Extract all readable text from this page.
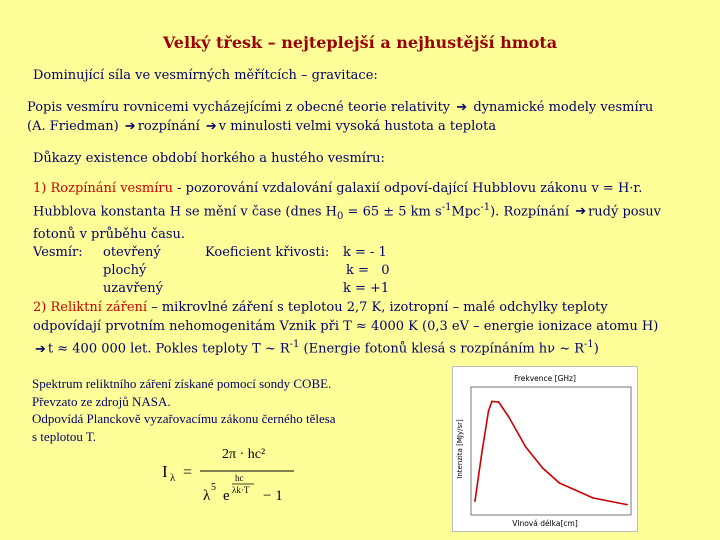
Velký třesk – nejteplejší a nejhustější hmota
Dominující síla ve vesmírných měřítcích – gravitace:
Popis vesmíru rovnicemi vycházejícími z obecné teorie relativity ➔ dynamické modely vesmíru
(A. Friedman) ➔ rozpínání ➔ v minulosti velmi vysoká hustota a teplota
Důkazy existence období horkého a hustého vesmíru:
1) Rozpínání vesmíru - pozorování vzdalování galaxií odpoví-dající Hubblovu zákonu v = H·r.
Hubblova konstanta H se mění v čase (dnes $H_0 = 65 \pm 5$ km $s^{-1}Mpc^{-1}$). Rozpínání ➔ rudý posuv
fotonů v průběhu času.
Vesmír: otevřený
plochý
uzavřený
Koeficient křivosti: k = - 1
k =   0
k = +1
2) Reliktní záření – mikrovlné záření s teplotou 2,7 K, izotropní – malé odchylky teploty
odpovídají prvotním nehomogenitám Vznik při T ≈ 4000 K (0,3 eV – energie ionizace atomu H)
➔ t ≈ 400 000 let. Pokles teploty T ~ $R^{-1}$ (Energie fotonů klesá s rozpínáním hν ~ $R^{-1}$)
Spektrum reliktního záření získané pomocí sondy COBE.
Převzato ze zdrojů NASA.
Odpovídá Planckově vyzařovacímu zákonu černého tělesa
s teplotou T.
I λ =
2π · hc²
λ
5
e
hc
λk·T − 1
Frekvence [GHz]
Vlnová délka[cm]
Intenzita [MJy/sr]
